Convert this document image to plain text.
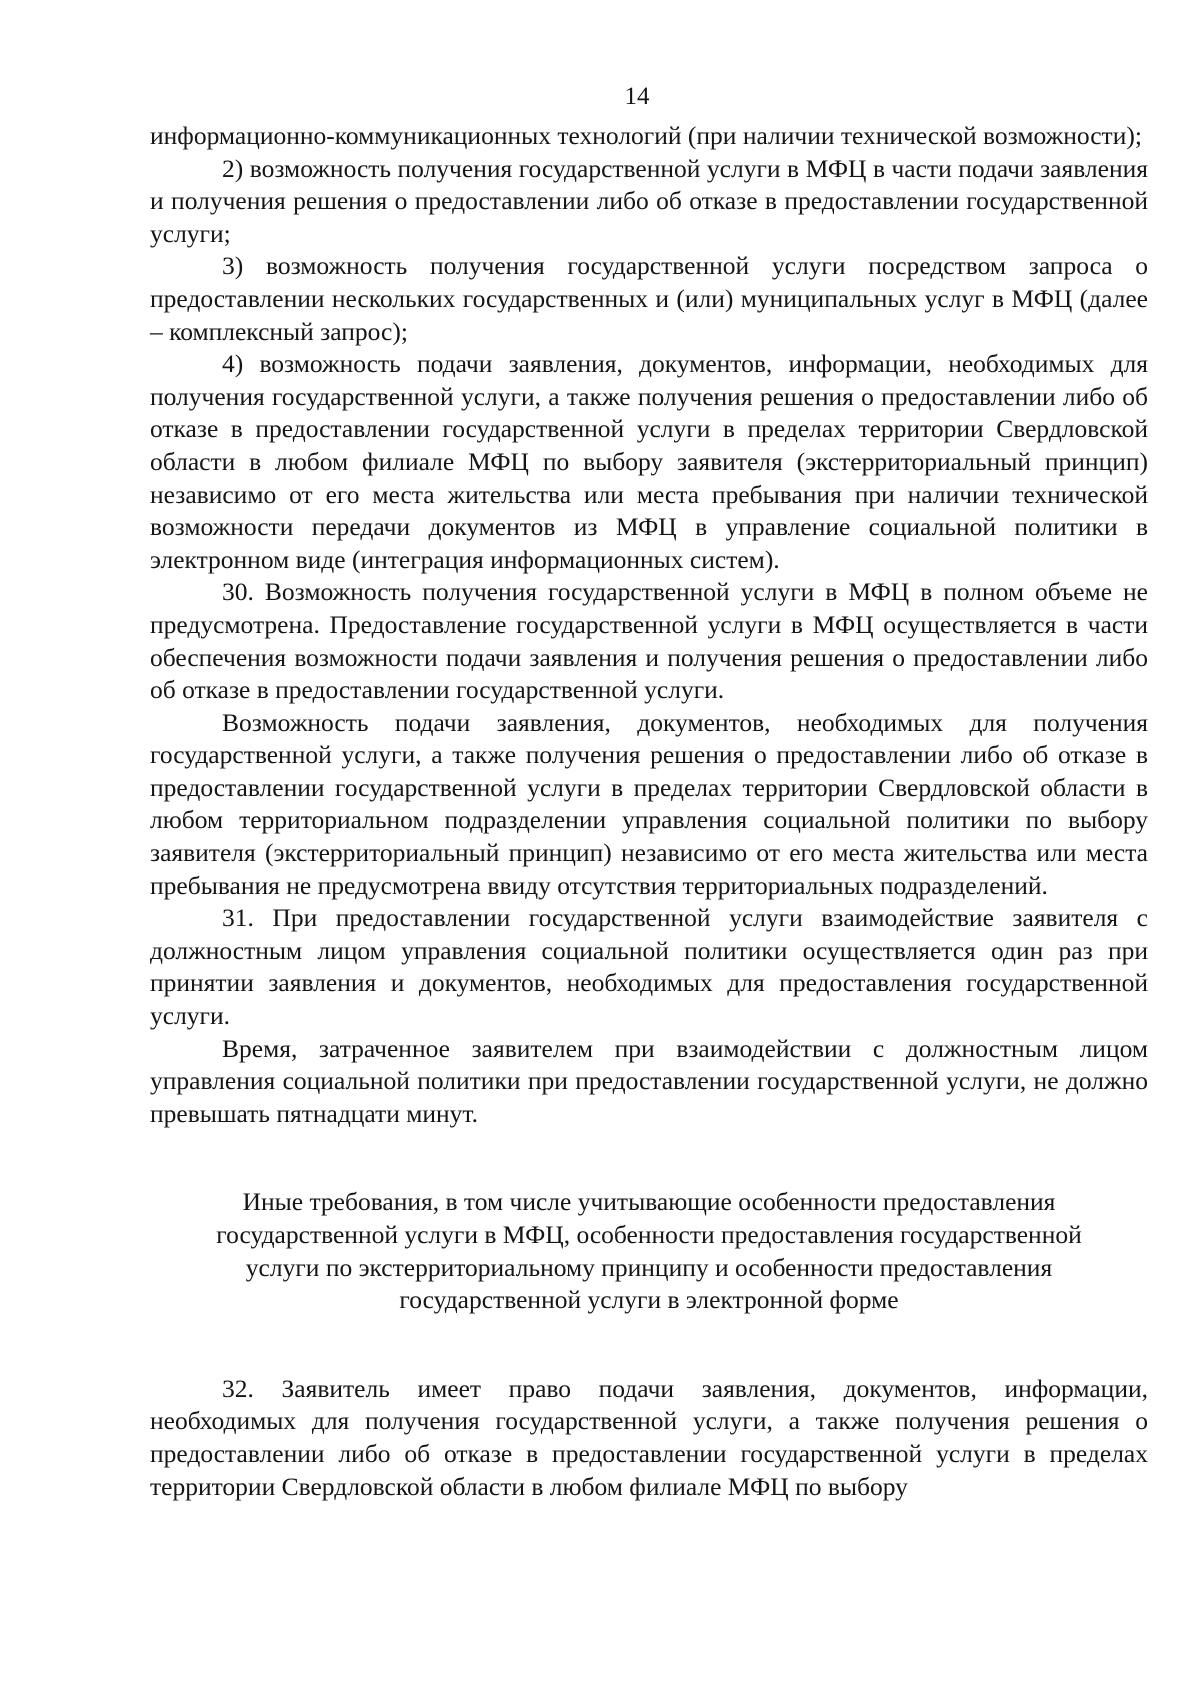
14

информационно-коммуникационных технологий (при наличии технической возможности);

2) возможность получения государственной услуги в МФЦ в части подачи заявления и получения решения о предоставлении либо об отказе в предоставлении государственной услуги;

3) возможность получения государственной услуги посредством запроса о предоставлении нескольких государственных и (или) муниципальных услуг в МФЦ (далее – комплексный запрос);

4) возможность подачи заявления, документов, информации, необходимых для получения государственной услуги, а также получения решения о предоставлении либо об отказе в предоставлении государственной услуги в пределах территории Свердловской области в любом филиале МФЦ по выбору заявителя (экстерриториальный принцип) независимо от его места жительства или места пребывания при наличии технической возможности передачи документов из МФЦ в управление социальной политики в электронном виде (интеграция информационных систем).

30. Возможность получения государственной услуги в МФЦ в полном объеме не предусмотрена. Предоставление государственной услуги в МФЦ осуществляется в части обеспечения возможности подачи заявления и получения решения о предоставлении либо об отказе в предоставлении государственной услуги.

Возможность подачи заявления, документов, необходимых для получения государственной услуги, а также получения решения о предоставлении либо об отказе в предоставлении государственной услуги в пределах территории Свердловской области в любом территориальном подразделении управления социальной политики по выбору заявителя (экстерриториальный принцип) независимо от его места жительства или места пребывания не предусмотрена ввиду отсутствия территориальных подразделений.

31. При предоставлении государственной услуги взаимодействие заявителя с должностным лицом управления социальной политики осуществляется один раз при принятии заявления и документов, необходимых для предоставления государственной услуги.

Время, затраченное заявителем при взаимодействии с должностным лицом управления социальной политики при предоставлении государственной услуги, не должно превышать пятнадцати минут.

Иные требования, в том числе учитывающие особенности предоставления
государственной услуги в МФЦ, особенности предоставления государственной
услуги по экстерриториальному принципу и особенности предоставления
государственной услуги в электронной форме

32. Заявитель имеет право подачи заявления, документов, информации, необходимых для получения государственной услуги, а также получения решения о предоставлении либо об отказе в предоставлении государственной услуги в пределах территории Свердловской области в любом филиале МФЦ по выбору
